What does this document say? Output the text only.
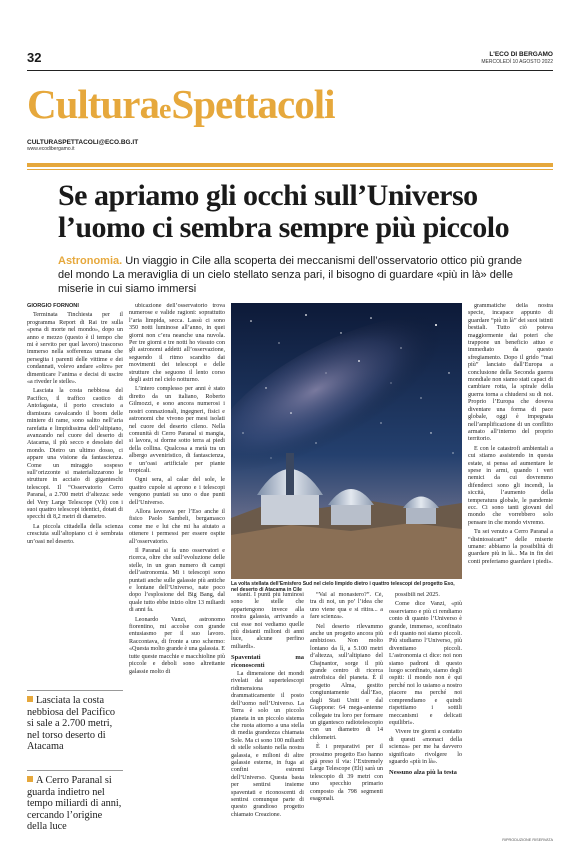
32	L'ECO DI BERGAMO
MERCOLEDÌ 10 AGOSTO 2022
CulturaeSpettacoli
CULTURASPETTACOLI@ECO.BG.IT
www.ecodibergamo.it
Se apriamo gli occhi sull’Universo l’uomo ci sembra sempre più piccolo
Astronomia. Un viaggio in Cile alla scoperta dei meccanismi dell’osservatorio ottico più grande del mondo La meraviglia di un cielo stellato senza pari, il bisogno di guardare «più in là» delle miserie in cui siamo immersi

GIORGIO FORNONI

Terminata Tinchiesta per il programma Report di Rai tre sulla «pena di morte nel mondo», dopo un anno e mezzo (questo è il tempo che mi è servito per quel lavoro) trascorso immerso nella sofferenza umana che persegita i parenti delle vittime e dei condannati, volevo andare «oltre» per dimenticare l’anima e decisi di uscire «a riveder le stelle».

Lasciata la costa nebbiosa del Pacifico, il traffico caotico di Antofagasta, il porto cresciuto a dismisura cavalcando il boom delle miniere di rame, sono salito nell’aria rarefatta e limpidissima dell’altipiano, avanzando nel cuore del deserto di Atacama, il più secco e desolato del mondo. Dietro un ultimo dosso, ci appare una visione da fantascienza. Come un miraggio sospeso sull’orizzonte si materializzarono le strutture in acciaio di giganteschi telescopi. Il “Osservatorio Cerro Paranal, a 2.700 metri d’altezza: sede del Very Large Telescope (Vlt) con i suoi quattro telescopi identici, dotati di specchi di 8,2 metri di diametro.

La piccola cittadella della scienza cresciuta sull’altopiano ci è sembrata un’oasi nel deserto.

Lasciata la costa nebbiosa del Pacifico si sale a 2.700 metri, nel torso deserto di Atacama
A Cerro Paranal si guarda indietro nel tempo miliardi di anni, cercando l’origine della luce

ubicazione dell’osservatorio trova numerose e valide ragioni: soprattutto l’aria limpida, secca. Lassù ci sono 350 notti luminose all’anno, in quei giorni non c’era neanche una nuvola. Per tre giorni e tre notti ho vissuto con gli astronomi addetti all’osservazione, seguendo il ritmo scandito dai movimenti dei telescopi e delle strutture che seguono il lento corso degli astri nel cielo notturno.

L’intero complesso per anni è stato diretto da un italiano, Roberto Gilmozzi, e sono ancora numerosi i nostri connazionali, ingegneri, fisici e astronomi che vivono per mesi isolati nel cuore del deserto cileno. Nella comunità di Cerro Paranal si mangia, si lavora, si dorme sotto terra ai piedi della collina. Qualcosa a metà tra un albergo avveniristico, di fantascienza, e un’oasi artificiale per piante tropicali.

Ogni sera, al calar del sole, le quattro cupole si aprono e i telescopi vengono puntati su uno o due punti dell’Universo.

Allora lavorava per l’Eso anche il fisico Paolo Sambeli, bergamasco come me e lui che mi ha aiutato a ottenere i permessi per essere ospite all’osservatorio.

Il Paranal si fa uno osservatori e ricerca, oltre che sull’evoluzione delle stelle, in un gran numero di campi dell’astronomia. Mi i telescopi sono puntati anche sulle galassie più antiche e lontane dell’Universo, nate poco dopo l’esplosione del Big Bang, dal quale tutto ebbe inizio oltre 13 miliardi di anni fa.

Leonardo Vanzi, astronomo fiorentino, mi accolse con grande entusiasmo per il suo lavoro. Raccontava, di fronte a uno schermo: «Questa molto grande è una galassia. E tutte queste macchie e macchioline più piccole e deboli sono altrettante galassie molto di

La volta stellata dell’Emisfero Sud nel cielo limpido dietro i quattro telescopi del progetto Eso, nel deserto di Atacama in Cile

stanti. I punti più luminosi sono le stelle che appartengono invece alla nostra galassia, arrivando a cui esse noi vediamo quelle più distanti milioni di anni luce, alcune perfino miliardi».

Spaventati ma riconoscenti

La dimensione dei mondi rivelati dai supertelescopi ridimensiona drammaticamente il posto dell’uomo nell’Universo. La Terra è solo un piccolo pianeta in un piccolo sistema che ruota attorno a una stella di media grandezza chiamata Sole. Ma ci sono 100 miliardi di stelle soltanto nella nostra galassia, e milioni di altre galassie esterne, in fuga ai confini estremi dell’Universo. Questa basta per sentirsi insieme spaventati e riconoscenti di sentirsi comunque parte di questo grandioso progetto chiamato Creazione.

“Val al monastero?”. Cè, tra di noi, un po’ l’idea che uno viene qua e si ritira... a fare scienza».

Nel deserto rilevammo anche un progetto ancora più ambizioso. Non molto lontano da lì, a 5.100 metri d’altezza, sull’altipiano del Chajnantor, sorge il più grande centro di ricerca astrofisica del pianeta. È il progetto Alma, gestito congiuntamente dall’Eso, dagli Stati Uniti e dal Giappone: 64 mega-antenne collegate tra loro per formare un gigantesco radiotelescopio con un diametro di 14 chilometri.

È i preparativi per il prossimo progetto Eso hanno già preso il via: l’Extremely Large Telescope (Elt) sarà un telescopio di 39 metri con uno specchio primario composto da 798 segmenti esagonali.

possibili nel 2025.

Come dice Vanzi, «più osserviamo e più ci rendiamo conto di quanto l’Universo è grande, immenso, sconfinato e di quanto noi siamo piccoli. Più studiamo l’Universo, più diventiamo piccoli. L’astronomia ci dice: noi non siamo padroni di questo luogo sconfinato, siamo degli ospiti: il mondo non è qui perché noi lo usiamo a nostro piacere ma perché noi comprendiamo e quindi rispettiamo i sottili meccanismi e delicati equilibri».

Vivere tre giorni a contatto di questi «monaci della scienza» per me ha davvero significato rivolgere lo sguardo «più in là».

Nessuno alza più la testa

grammatiche della nostra specie, incapace appunto di guardare “più in là” dei suoi istinti bestiali. Tutto ciò poteva maggiormente dai poteri che trappone un beneficio attuo e immediato da questo sfregiamento. Dopo il grido “mai più” lanciato dall’Europa a conclusione della Seconda guerra mondiale non siamo stati capaci di cambiare rotta, la spirale della guerra torna a chiudersi su di noi. Proprio l’Europa che doveva diventare una forma di pace globale, oggi è impegnata nell’amplificazione di un conflitto armato all’interno del proprio territorio.

E con le catastrofi ambientali a cui stiamo assistendo in questa estate, si pensa ad aumentare le spese in armi, quando i veri nemici da cui dovremmo difenderci sono gli incendi, la siccità, l’aumento della temperatura globale, le pandemie ecc. Ci sono tanti giovani del mondo che vorrebbero solo pensare in che mondo vivremo.

Tu sei venuto a Cerro Paranal a “disintossicarti” delle miserie umane: abbiamo la possibilità di guardare più in là... Ma in fin dei conti preferiamo guardare i piedi».

RIPRODUZIONE RISERVATA
